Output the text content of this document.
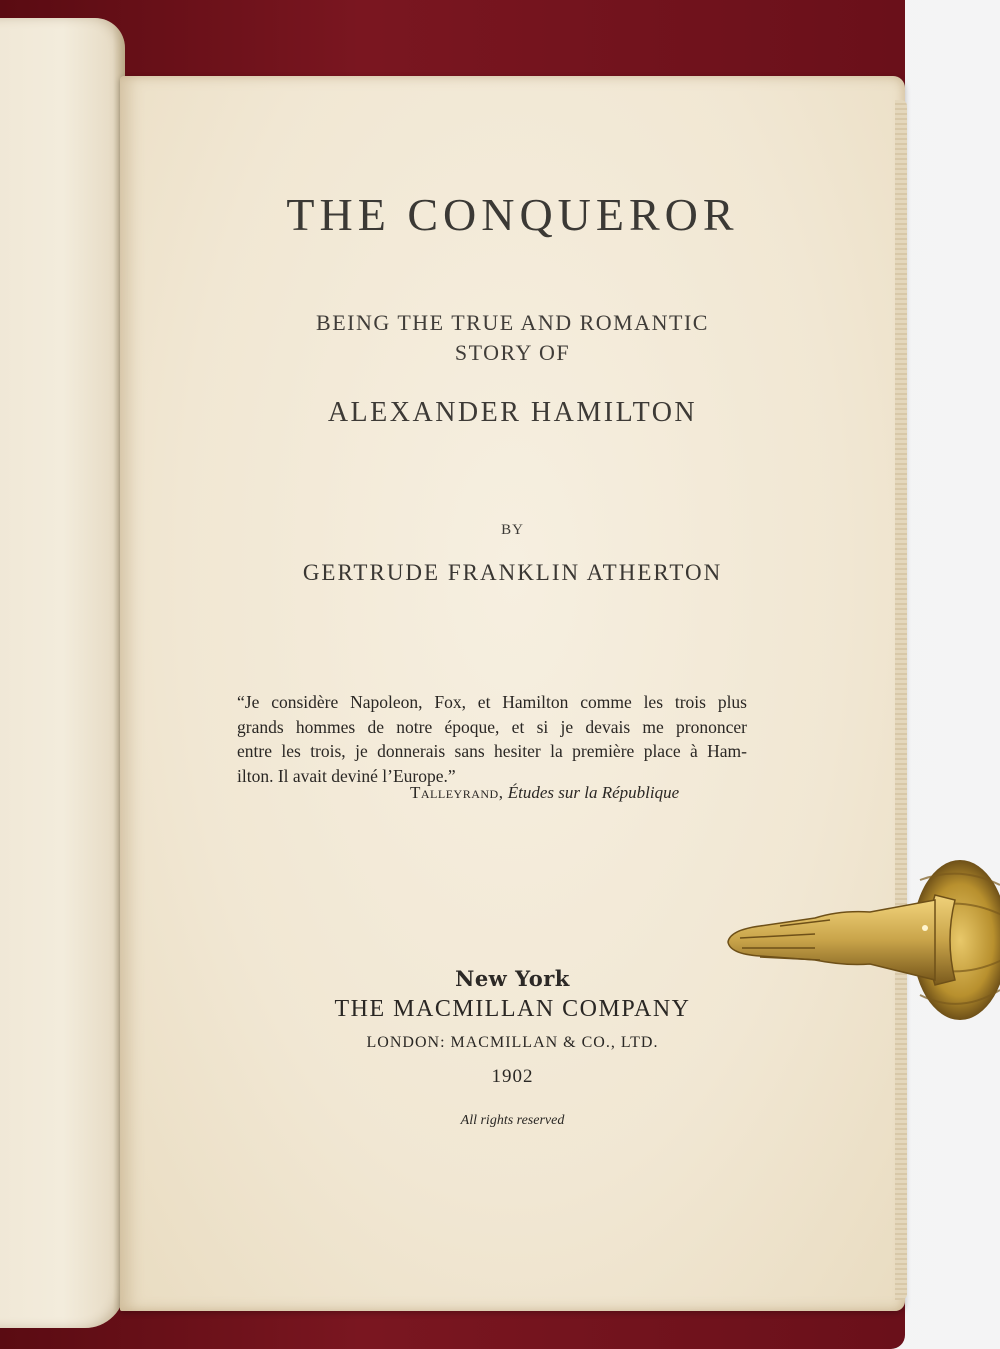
THE CONQUEROR
BEING THE TRUE AND ROMANTIC
STORY OF
ALEXANDER HAMILTON
BY
GERTRUDE FRANKLIN ATHERTON
“Je considère Napoleon, Fox, et Hamilton comme les trois plus
grands hommes de notre époque, et si je devais me prononcer
entre les trois, je donnerais sans hesiter la première place à Ham-
ilton. Il avait deviné l’Europe.”
Talleyrand, Études sur la République
New York
THE MACMILLAN COMPANY
LONDON: MACMILLAN & CO., LTD.
1902
All rights reserved
